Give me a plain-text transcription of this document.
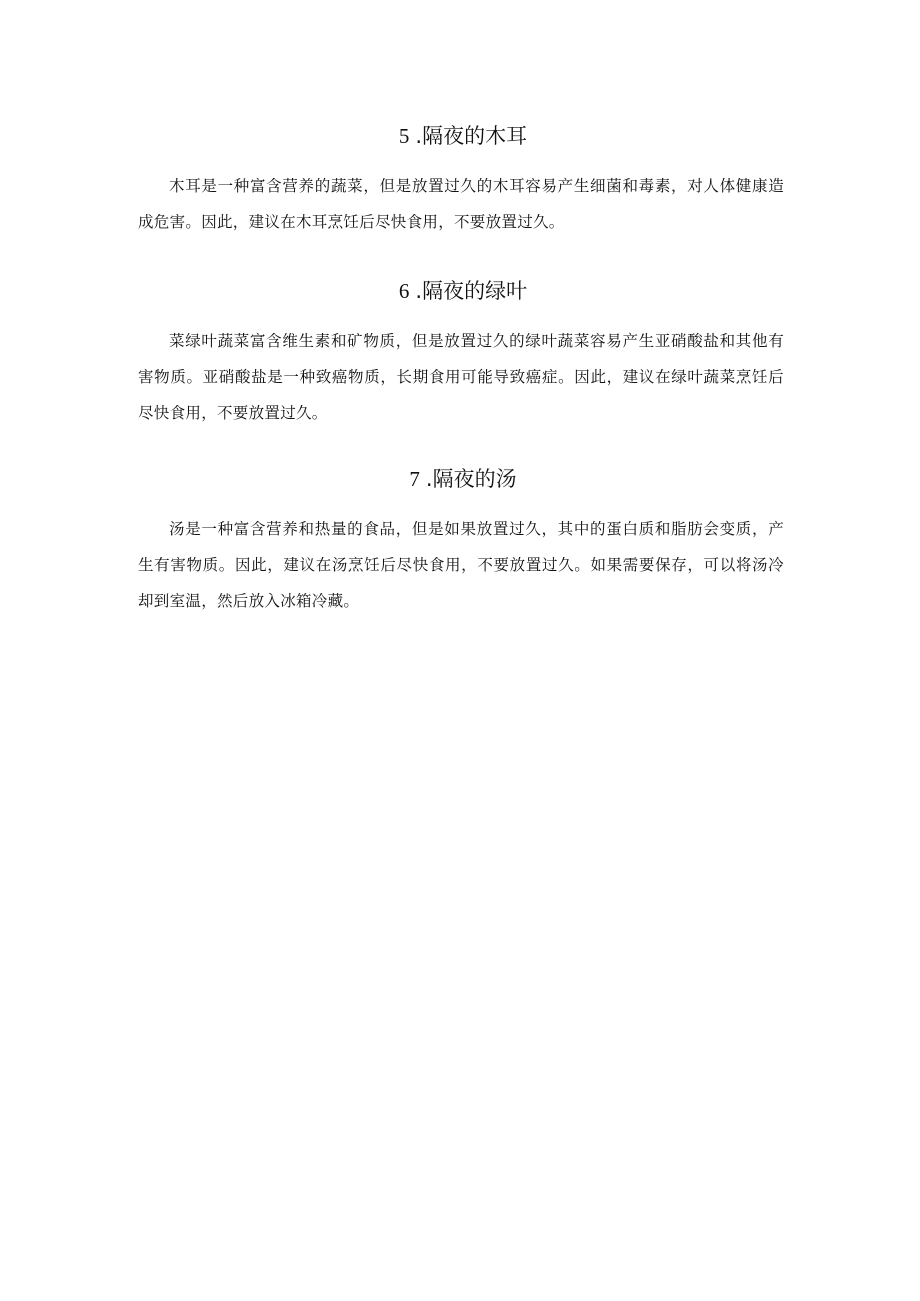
5 .隔夜的木耳

木耳是一种富含营养的蔬菜，但是放置过久的木耳容易产生细菌和毒素，对人体健康造成危害。因此，建议在木耳烹饪后尽快食用，不要放置过久。

6 .隔夜的绿叶

菜绿叶蔬菜富含维生素和矿物质，但是放置过久的绿叶蔬菜容易产生亚硝酸盐和其他有害物质。亚硝酸盐是一种致癌物质，长期食用可能导致癌症。因此，建议在绿叶蔬菜烹饪后尽快食用，不要放置过久。

7 .隔夜的汤

汤是一种富含营养和热量的食品，但是如果放置过久，其中的蛋白质和脂肪会变质，产生有害物质。因此，建议在汤烹饪后尽快食用，不要放置过久。如果需要保存，可以将汤冷却到室温，然后放入冰箱冷藏。
